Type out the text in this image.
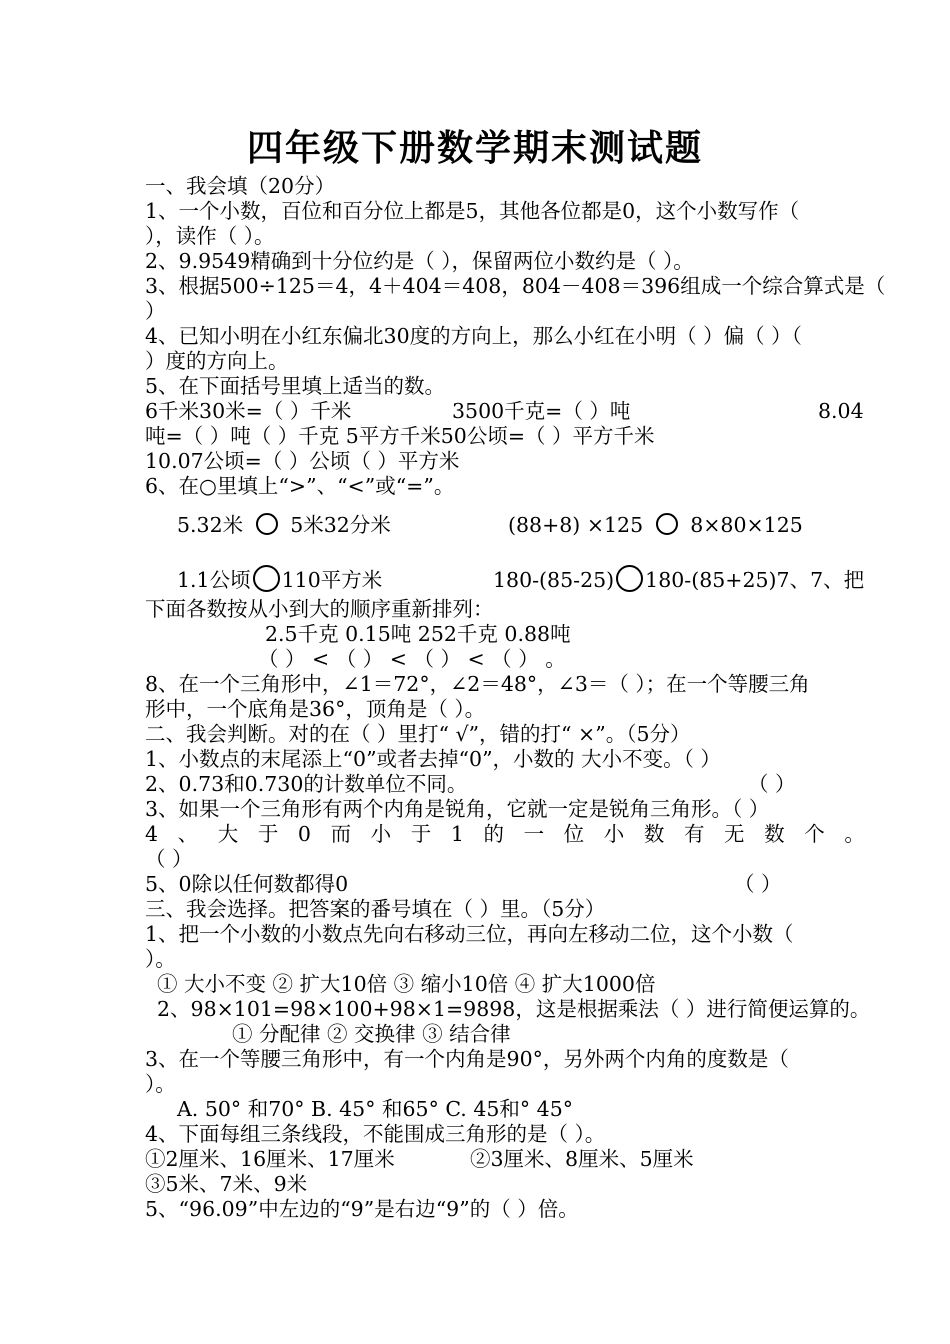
四年级下册数学期末测试题
一、我会填（20分）
1、一个小数，百位和百分位上都是5，其他各位都是0，这个小数写作（
），读作（ ）。
2、9.9549精确到十分位约是（ ），保留两位小数约是（ ）。
3、根据500÷125＝4，4＋404＝408，804－408＝396组成一个综合算式是（
）
4、已知小明在小红东偏北30度的方向上，那么小红在小明（ ）偏（ ）（
）度的方向上。
5、在下面括号里填上适当的数。
6千米30米=（ ）千米	3500千克=（ ）吨	8.04
吨=（ ）吨（ ）千克 5平方千米50公顷=（ ）平方千米
10.07公顷=（ ）公顷（ ）平方米
6、在○里填上“>”、“<”或“=”。
5.32米 5米32分米	(88+8) ×125 8×80×125
1.1公顷 110平方米	180-(85-25) 180-(85+25)7、7、把
下面各数按从小到大的顺序重新排列：
2.5千克 0.15吨 252千克 0.88吨
（ ） < （ ） < （ ） < （ ） 。
8、在一个三角形中，∠1＝72°，∠2＝48°，∠3＝（ ）；在一个等腰三角
形中，一个底角是36°，顶角是（ ）。
二、我会判断。对的在（ ）里打“ √”，错的打“ ×”。（5分）
1、小数点的末尾添上“0”或者去掉“0”，小数的 大小不变。（ ）
2、0.73和0.730的计数单位不同。	（ ）
3、如果一个三角形有两个内角是锐角，它就一定是锐角三角形。（ ）
4 、 大 于 0 而 小 于 1 的 一 位 小 数 有 无 数 个 。
（ ）
5、0除以任何数都得0	（ ）
三、我会选择。把答案的番号填在（ ）里。（5分）
1、把一个小数的小数点先向右移动三位，再向左移动二位，这个小数（
）。
① 大小不变 ② 扩大10倍 ③ 缩小10倍 ④ 扩大1000倍
2、98×101=98×100+98×1=9898，这是根据乘法（ ）进行简便运算的。
① 分配律 ② 交换律 ③ 结合律
3、在一个等腰三角形中，有一个内角是90°，另外两个内角的度数是（
）。
A. 50° 和70° B. 45° 和65° C. 45和° 45°
4、下面每组三条线段，不能围成三角形的是（ ）。
①2厘米、16厘米、17厘米	②3厘米、8厘米、5厘米
③5米、7米、9米
5、“96.09”中左边的“9”是右边“9”的（ ）倍。
